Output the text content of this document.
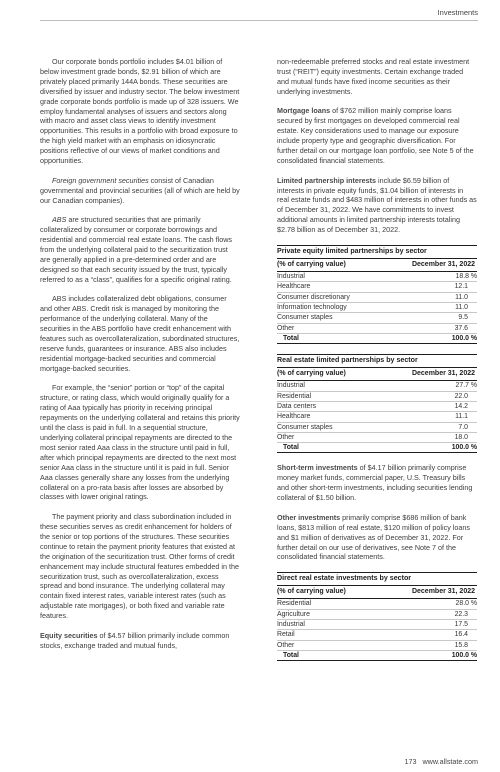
Investments

Our corporate bonds portfolio includes $4.01 billion of below investment grade bonds, $2.91 billion of which are privately placed primarily 144A bonds. These securities are diversified by issuer and industry sector. The below investment grade corporate bonds portfolio is made up of 328 issuers. We employ fundamental analyses of issuers and sectors along with macro and asset class views to identify investment opportunities. This results in a portfolio with broad exposure to the high yield market with an emphasis on idiosyncratic positions reflective of our views of market conditions and opportunities.

Foreign government securities consist of Canadian governmental and provincial securities (all of which are held by our Canadian companies).

ABS are structured securities that are primarily collateralized by consumer or corporate borrowings and residential and commercial real estate loans. The cash flows from the underlying collateral paid to the securitization trust are generally applied in a pre-determined order and are designed so that each security issued by the trust, typically referred to as a “class”, qualifies for a specific original rating.

ABS includes collateralized debt obligations, consumer and other ABS. Credit risk is managed by monitoring the performance of the underlying collateral. Many of the securities in the ABS portfolio have credit enhancement with features such as overcollateralization, subordinated structures, reserve funds, guarantees or insurance. ABS also includes residential mortgage-backed securities and commercial mortgage-backed securities.

For example, the “senior” portion or “top” of the capital structure, or rating class, which would originally qualify for a rating of Aaa typically has priority in receiving principal repayments on the underlying collateral and retains this priority until the class is paid in full. In a sequential structure, underlying collateral principal repayments are directed to the most senior rated Aaa class in the structure until paid in full, after which principal repayments are directed to the next most senior Aaa class in the structure until it is paid in full. Senior Aaa classes generally share any losses from the underlying collateral on a pro-rata basis after losses are absorbed by classes with lower original ratings.

The payment priority and class subordination included in these securities serves as credit enhancement for holders of the senior or top portions of the structures. These securities continue to retain the payment priority features that existed at the origination of the securitization trust. Other forms of credit enhancement may include structural features embedded in the securitization trust, such as overcollateralization, excess spread and bond insurance. The underlying collateral may contain fixed interest rates, variable interest rates (such as adjustable rate mortgages), or both fixed and variable rate features.

Equity securities of $4.57 billion primarily include common stocks, exchange traded and mutual funds,

non-redeemable preferred stocks and real estate investment trust (“REIT”) equity investments. Certain exchange traded and mutual funds have fixed income securities as their underlying investments.

Mortgage loans of $762 million mainly comprise loans secured by first mortgages on developed commercial real estate. Key considerations used to manage our exposure include property type and geographic diversification. For further detail on our mortgage loan portfolio, see Note 5 of the consolidated financial statements.

Limited partnership interests include $6.59 billion of interests in private equity funds, $1.04 billion of interests in real estate funds and $483 million of interests in other funds as of December 31, 2022. We have commitments to invest additional amounts in limited partnership interests totaling $2.78 billion as of December 31, 2022.

Private equity limited partnerships by sector
(% of carrying value)	December 31, 2022
Industrial	18.8 %
Healthcare	12.1
Consumer discretionary	11.0
Information technology	11.0
Consumer staples	9.5
Other	37.6
Total	100.0 %
Real estate limited partnerships by sector
(% of carrying value)	December 31, 2022
Industrial	27.7 %
Residential	22.0
Data centers	14.2
Healthcare	11.1
Consumer staples	7.0
Other	18.0
Total	100.0 %

Short-term investments of $4.17 billion primarily comprise money market funds, commercial paper, U.S. Treasury bills and other short-term investments, including securities lending collateral of $1.50 billion.

Other investments primarily comprise $686 million of bank loans, $813 million of real estate, $120 million of policy loans and $1 million of derivatives as of December 31, 2022. For further detail on our use of derivatives, see Note 7 of the consolidated financial statements.

Direct real estate investments by sector
(% of carrying value)	December 31, 2022
Residential	28.0 %
Agriculture	22.3
Industrial	17.5
Retail	16.4
Other	15.8
Total	100.0 %
173 www.allstate.com
